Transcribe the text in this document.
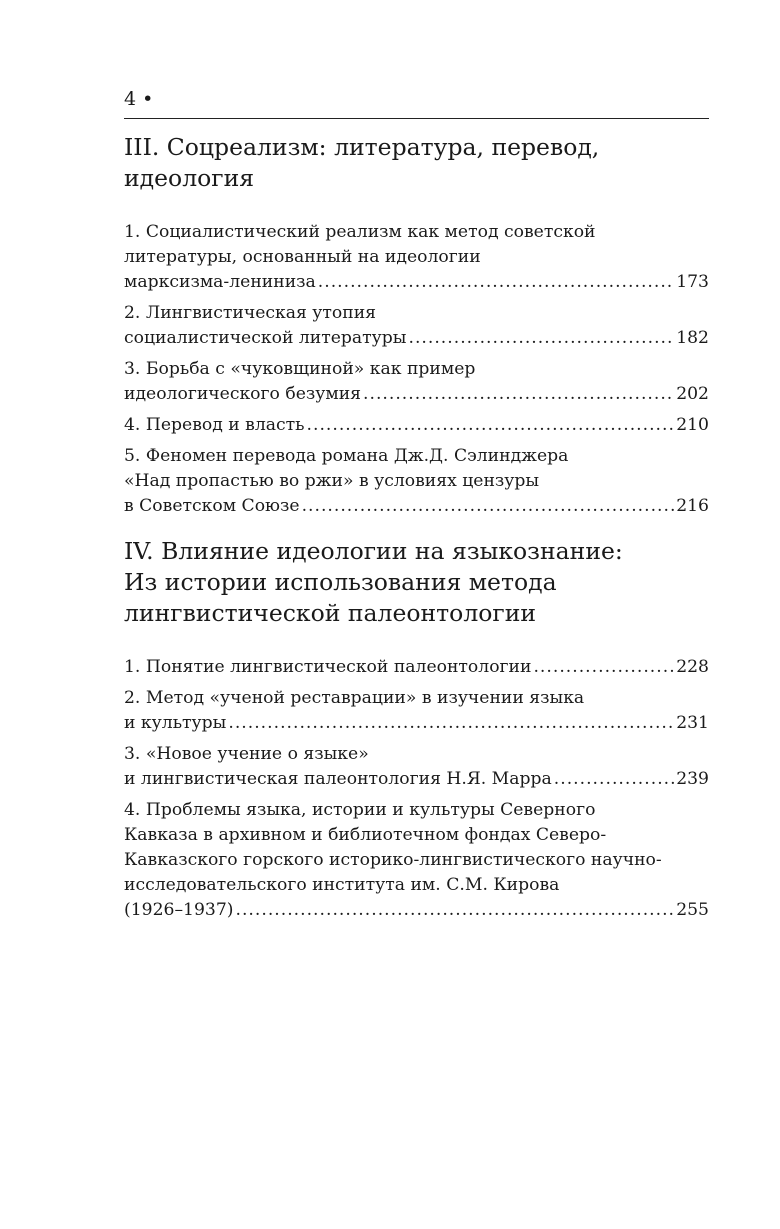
4 •
III. Соцреализм: литература, перевод, идеология
1. Социалистический реализм как метод советской
литературы, основанный на идеологии
марксизма-лениниза .....	173
2. Лингвистическая утопия
социалистической литературы .....	182
3. Борьба с «чуковщиной» как пример
идеологического безумия .....	202
4. Перевод и власть .....	210
5. Феномен перевода романа Дж.Д. Сэлинджера
«Над пропастью во ржи» в условиях цензуры
в Советском Союзе .....	216
IV. Влияние идеологии на языкознание:
Из истории использования метода
лингвистической палеонтологии
1. Понятие лингвистической палеонтологии .....	228
2. Метод «ученой реставрации» в изучении языка
и культуры .....	231
3. «Новое учение о языке»
и лингвистическая палеонтология Н.Я. Марра .....	239
4. Проблемы языка, истории и культуры Северного
Кавказа в архивном и библиотечном фондах Северо-
Кавказского горского историко-лингвистического научно-
исследовательского института им. С.М. Кирова
(1926–1937) .....	255
